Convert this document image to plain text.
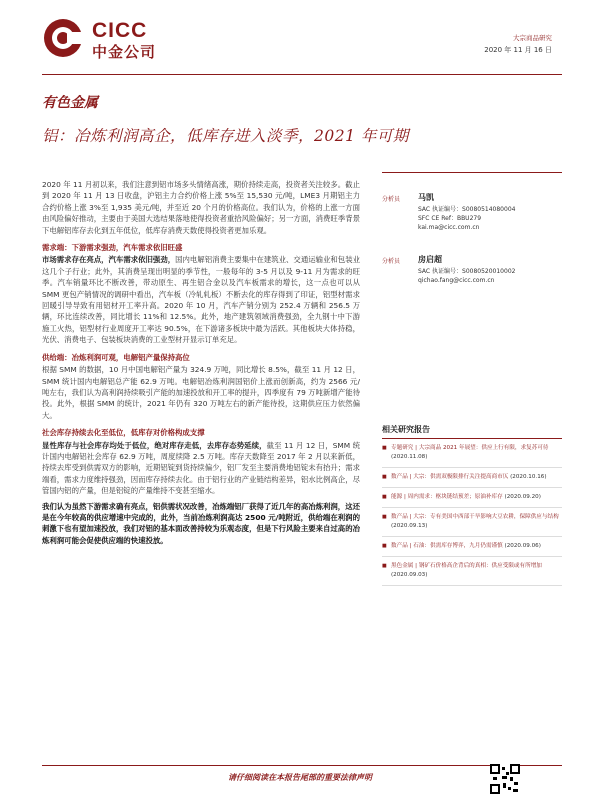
CICC
中金公司
大宗商品研究
2020 年 11 月 16 日
有色金属
铝：冶炼利润高企，低库存进入淡季，2021 年可期

2020 年 11 月初以来，我们注意到铝市场多头情绪高涨，期价持续走高，投资者关注较多。截止到 2020 年 11 月 13 日收盘，沪铝主力合约价格上涨 5%至 15,530 元/吨，LME3 月期铝主力合约价格上涨 3%至 1,935 美元/吨，并至近 20 个月的价格高位。我们认为，价格的上涨一方面由风险偏好推动，主要由于美国大选结果落地使得投资者重拾风险偏好；另一方面，消费旺季背景下电解铝库存去化到五年低位，低库存消费天数使得投资者更加乐观。

需求端：下游需求强劲，汽车需求依旧旺盛

市场需求存在亮点，汽车需求依旧强劲，国内电解铝消费主要集中在建筑业、交通运输业和包装业这几个子行业；此外，其消费呈现出明显的季节性，一般每年的 3-5 月以及 9-11 月为需求的旺季。汽车销量环比不断改善，带动原生、再生铝合金以及汽车板需求的增长，这一点也可以从 SMM 更包产销情况的调研中看出，汽车板（冷轧轧板）不断去化的库存得到了印证，铝型材需求回暖引导导致有用铝材开工率升高。2020 年 10 月，汽车产销分别为 252.4 万辆和 256.5 万辆，环比连续改善，同比增长 11%和 12.5%。此外，地产建筑领域消费强劲，全九钢十中下游施工火热，铝型材行业周度开工率达 90.5%，在下游诸多板块中最为活跃。其他板块大体持稳，光伏、消费电子、包装板块消费的工业型材开显示订单充足。

供给端：冶炼利润可观，电解铝产量保持高位

根据 SMM 的数据，10 月中国电解铝产量为 324.9 万吨，同比增长 8.5%，截至 11 月 12 日，SMM 统计国内电解铝总产能 62.9 万吨。电解铝冶炼利润国铝价上涨而创新高，约为 2566 元/吨左右，我们认为高利润持续吸引产能的加速投放和开工率的提升，四季度有 79 万吨新增产能待投。此外，根据 SMM 的统计，2021 年仍有 320 万吨左右的新产能待投，这期供应压力依然偏大。

社会库存持续去化至低位，低库存对价格构成支撑

显性库存与社会库存均处于低位，绝对库存走低，去库存态势延续，截至 11 月 12 日，SMM 统计国内电解铝社会库存 62.9 万吨，周度续降 2.5 万吨。库存天数降至 2017 年 2 月以来新低，持续去库受到供需双方的影响，近期铝锭到货持续偏少，铝厂发至主要消费地铝锭未有抬升；需求端看，需求力度维持强劲，因而库存持续去化。由于铝行业的产业链结构差异，铝水比例高企，尽管国内铝的产量，但是铝锭的产量维持不变甚至缩水。

我们认为虽然下游需求确有亮点，铝供需状况改善，冶炼端铝厂获得了近几年的高冶炼利润，这还是在今年较高的供应增速中完成的，此外，当前冶炼利润高达 2500 元/吨附近，供给端在利润的刺激下也有望加速投放，我们对铝的基本面改善持较为乐观态度，但是下行风险主要来自过高的冶炼利润可能会促使供应端的快速投放。

分析员 马凯
SAC 执证编号：S0080514080004
SFC CE Ref：BBU279
kai.ma@cicc.com.cn
分析员 房启超
SAC 执证编号：S0080520010002
qichao.fang@cicc.com.cn
相关研究报告
■ 专题研究 | 大宗商品 2021 年展望：供应上行有限，求复苏可待 (2020.11.08)
■ 数产品 | 大宗：供需双极限排行关注提高商市仄 (2020.10.16)
■ 能源 | 周内需求：枢块链结预差；原油补库存 (2020.09.20)
■ 数产品 | 大宗：专有美国中西部干旱影响大豆农耕，保障供应与结构 (2020.09.13)
■ 数产品 | 石油：供需库存博弈，九月仍需谨慎 (2020.09.06)
■ 黑色金属 | 钢矿石价格高企背后的真相：供应受限或有所增加 (2020.09.03)
请仔细阅读在本报告尾部的重要法律声明
